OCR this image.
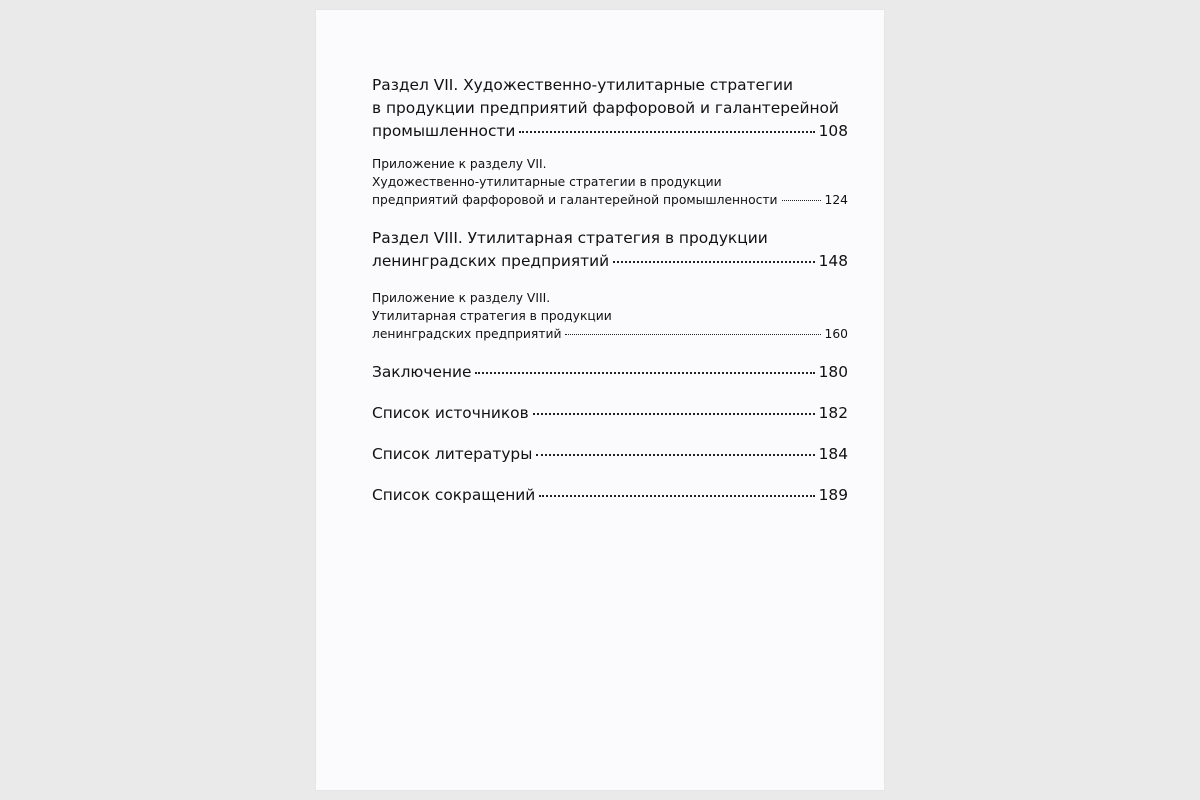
Раздел VII. Художественно-утилитарные стратегии
в продукции предприятий фарфоровой и галантерейной
промышленности	108
Приложение к разделу VII.
Художественно-утилитарные стратегии в продукции
предприятий фарфоровой и галантерейной промышленности	124
Раздел VIII. Утилитарная стратегия в продукции
ленинградских предприятий	148
Приложение к разделу VIII.
Утилитарная стратегия в продукции
ленинградских предприятий	160
Заключение	180
Список источников	182
Список литературы	184
Список сокращений	189
